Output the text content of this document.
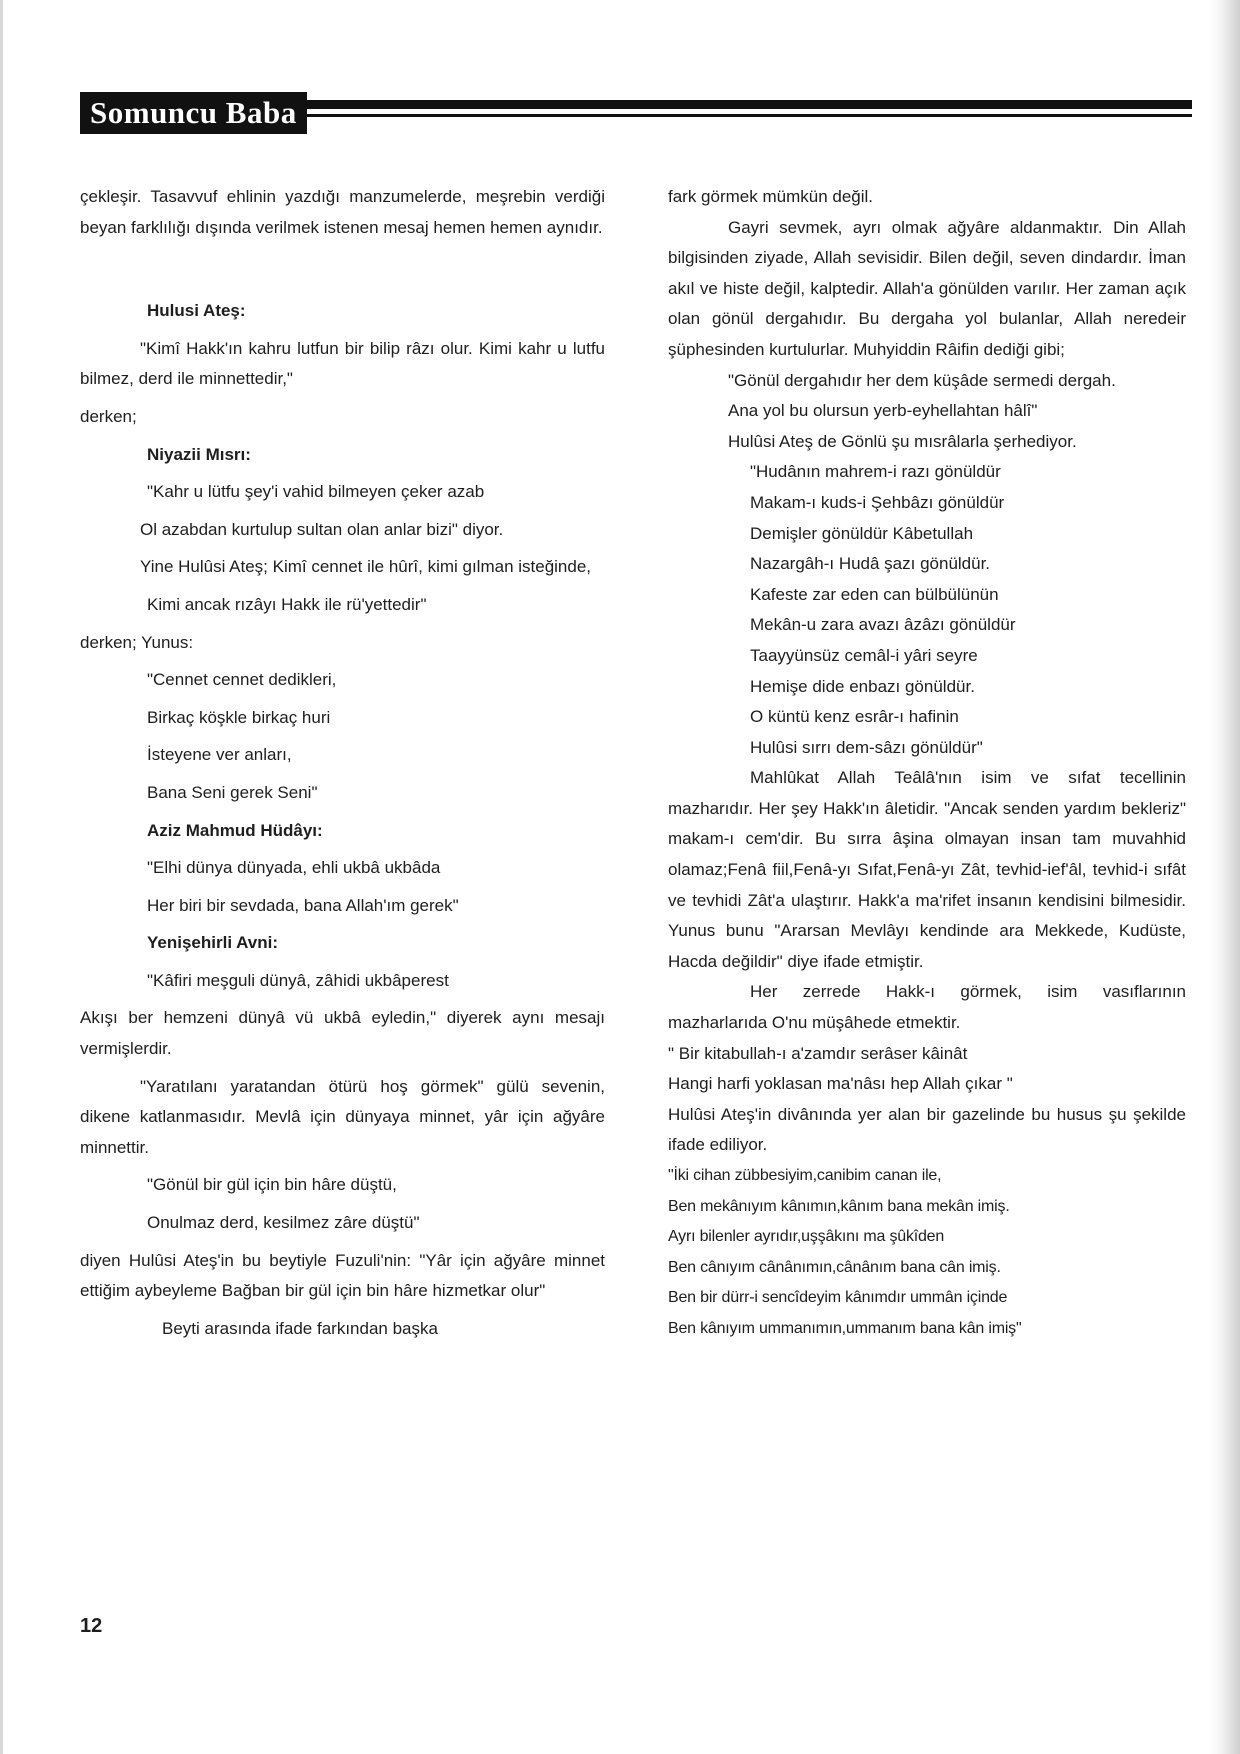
Somuncu Baba

çekleşir. Tasavvuf ehlinin yazdığı manzumelerde, meşrebin verdiği beyan farklılığı dışında verilmek istenen mesaj hemen hemen aynıdır.

Hulusi Ateş:

"Kimî Hakk'ın kahru lutfun bir bilip râzı olur. Kimi kahr u lutfu bilmez, derd ile minnettedir,"

derken;

Niyazii Mısrı:

"Kahr u lütfu şey'i vahid bilmeyen çeker azab

Ol azabdan kurtulup sultan olan anlar bizi" diyor.

Yine Hulûsi Ateş; Kimî cennet ile hûrî, kimi gılman isteğinde,

Kimi ancak rızâyı Hakk ile rü'yettedir"

derken; Yunus:

"Cennet cennet dedikleri,

Birkaç köşkle birkaç huri

İsteyene ver anları,

Bana Seni gerek Seni"

Aziz Mahmud Hüdâyı:

"Elhi dünya dünyada, ehli ukbâ ukbâda

Her biri bir sevdada, bana Allah'ım gerek"

Yenişehirli Avni:

"Kâfiri meşguli dünyâ, zâhidi ukbâperest

Akışı ber hemzeni dünyâ vü ukbâ eyledin," diyerek aynı mesajı vermişlerdir.

"Yaratılanı yaratandan ötürü hoş görmek" gülü sevenin, dikene katlanmasıdır. Mevlâ için dünyaya minnet, yâr için ağyâre minnettir.

"Gönül bir gül için bin hâre düştü,

Onulmaz derd, kesilmez zâre düştü"

diyen Hulûsi Ateş'in bu beytiyle Fuzuli'nin: "Yâr için ağyâre minnet ettiğim aybeyleme Bağban bir gül için bin hâre hizmetkar olur"

Beyti arasında ifade farkından başka

fark görmek mümkün değil.

Gayri sevmek, ayrı olmak ağyâre aldanmaktır. Din Allah bilgisinden ziyade, Allah sevisidir. Bilen değil, seven dindardır. İman akıl ve histe değil, kalptedir. Allah'a gönülden varılır. Her zaman açık olan gönül dergahıdır. Bu dergaha yol bulanlar, Allah neredeir şüphesinden kurtulurlar. Muhyiddin Râifin dediği gibi;

"Gönül dergahıdır her dem küşâde sermedi dergah.

Ana yol bu olursun yerb-eyhellahtan hâlî"

Hulûsi Ateş de Gönlü şu mısrâlarla şerhediyor.

"Hudânın mahrem-i razı gönüldür

Makam-ı kuds-i Şehbâzı gönüldür

Demişler gönüldür Kâbetullah

Nazargâh-ı Hudâ şazı gönüldür.

Kafeste zar eden can bülbülünün

Mekân-u zara avazı âzâzı gönüldür

Taayyünsüz cemâl-i yâri seyre

Hemişe dide enbazı gönüldür.

O küntü kenz esrâr-ı hafinin

Hulûsi sırrı dem-sâzı gönüldür"

Mahlûkat Allah Teâlâ'nın isim ve sıfat tecellinin mazharıdır. Her şey Hakk'ın âletidir. "Ancak senden yardım bekleriz" makam-ı cem'dir. Bu sırra âşina olmayan insan tam muvahhid olamaz;Fenâ fiil,Fenâ-yı Sıfat,Fenâ-yı Zât, tevhid-ief'âl, tevhid-i sıfât ve tevhidi Zât'a ulaştırır. Hakk'a ma'rifet insanın kendisini bilmesidir. Yunus bunu "Ararsan Mevlâyı kendinde ara Mekkede, Kudüste, Hacda değildir" diye ifade etmiştir.

Her zerrede Hakk-ı görmek, isim vasıflarının mazharlarıda O'nu müşâhede etmektir.

" Bir kitabullah-ı a'zamdır serâser kâinât

Hangi harfi yoklasan ma'nâsı hep Allah çıkar "

Hulûsi Ateş'in divânında yer alan bir gazelinde bu husus şu şekilde ifade ediliyor.

"İki cihan zübbesiyim,canibim canan ile,

Ben mekânıyım kânımın,kânım bana mekân imiş.

Ayrı bilenler ayrıdır,uşşâkını ma şûkîden

Ben cânıyım cânânımın,cânânım bana cân imiş.

Ben bir dürr-i sencîdeyim kânımdır ummân içinde

Ben kânıyım ummanımın,ummanım bana kân imiş"

12
